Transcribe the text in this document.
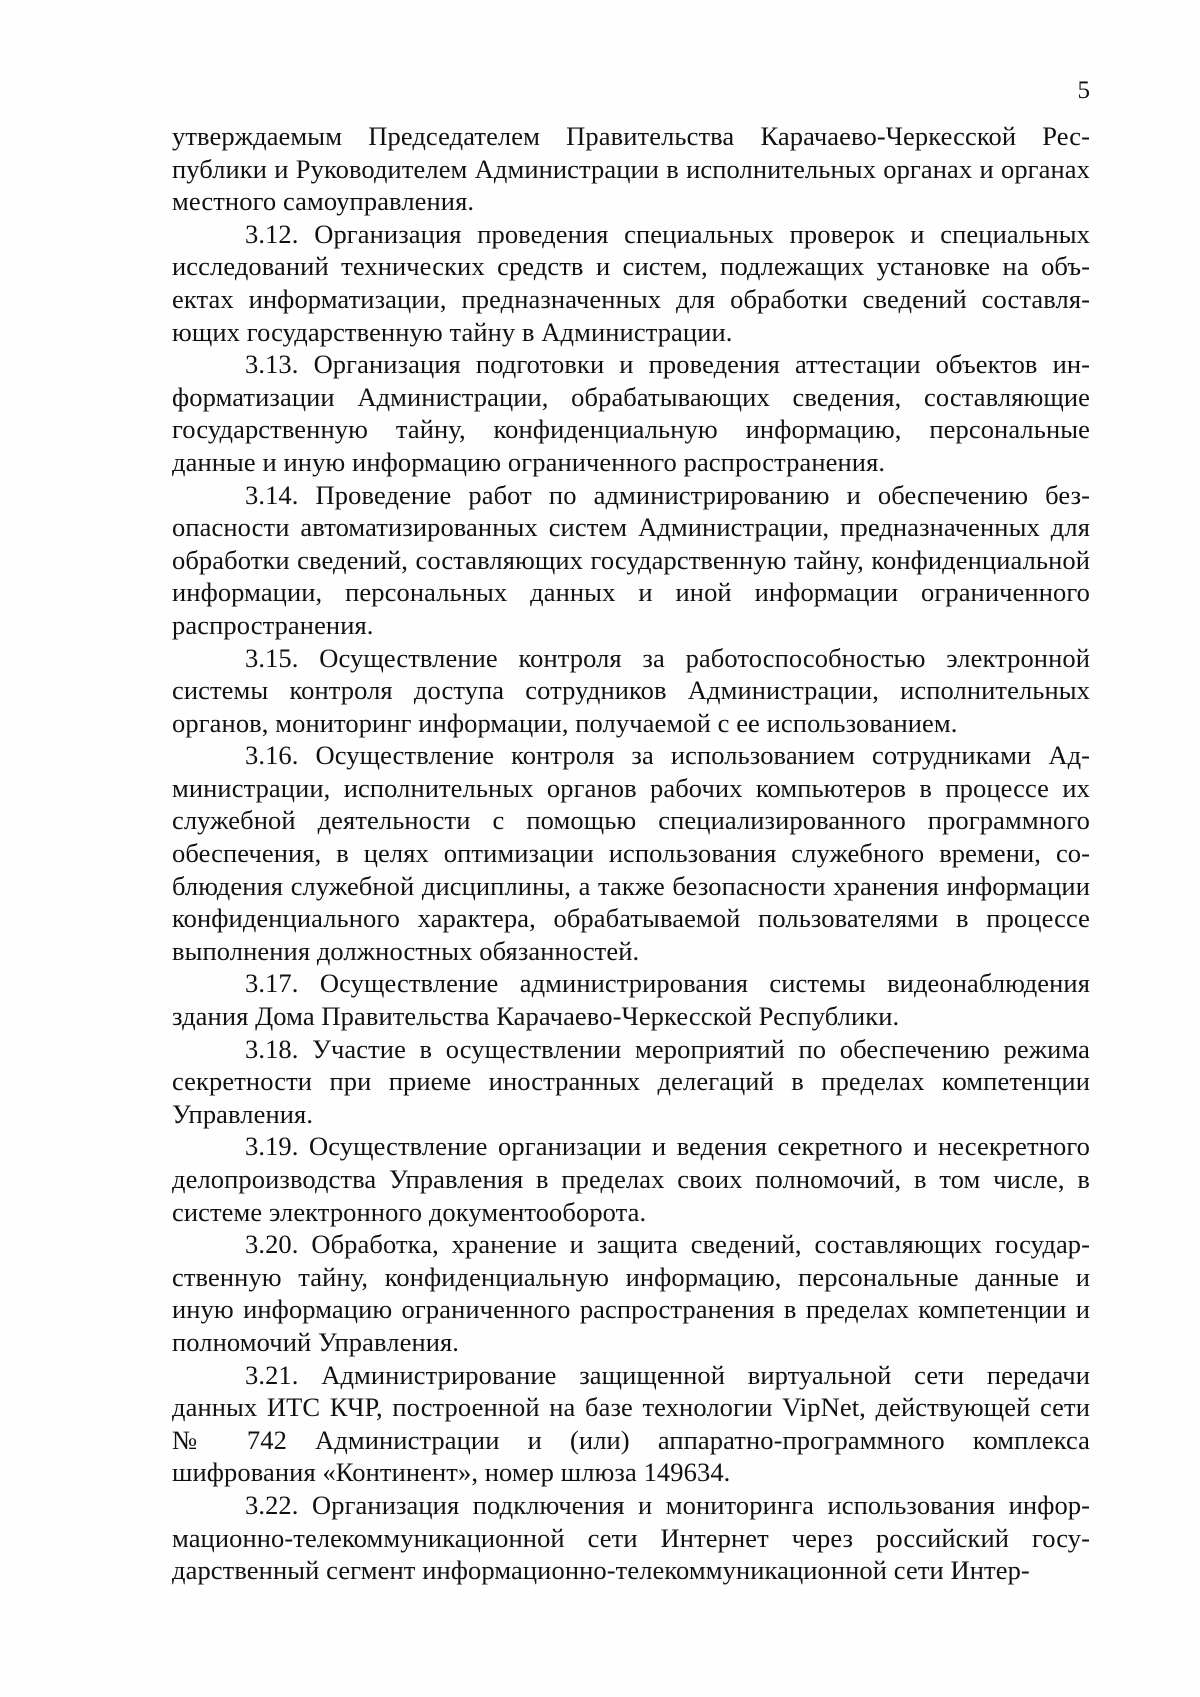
5

утверждаемым Председателем Правительства Карачаево-Черкесской Республики и Руководителем Администрации в исполнительных органах и органах местного самоуправления.

3.12. Организация проведения специальных проверок и специальных исследований технических средств и систем, подлежащих установке на объектах информатизации, предназначенных для обработки сведений составляющих государственную тайну в Администрации.

3.13. Организация подготовки и проведения аттестации объектов информатизации Администрации, обрабатывающих сведения, составляющие государственную тайну, конфиденциальную информацию, персональные данные и иную информацию ограниченного распространения.

3.14. Проведение работ по администрированию и обеспечению безопасности автоматизированных систем Администрации, предназначенных для обработки сведений, составляющих государственную тайну, конфиденциальной информации, персональных данных и иной информации ограниченного распространения.

3.15. Осуществление контроля за работоспособностью электронной системы контроля доступа сотрудников Администрации, исполнительных органов, мониторинг информации, получаемой с ее использованием.

3.16. Осуществление контроля за использованием сотрудниками Администрации, исполнительных органов рабочих компьютеров в процессе их служебной деятельности с помощью специализированного программного обеспечения, в целях оптимизации использования служебного времени, соблюдения служебной дисциплины, а также безопасности хранения информации конфиденциального характера, обрабатываемой пользователями в процессе выполнения должностных обязанностей.

3.17. Осуществление администрирования системы видеонаблюдения здания Дома Правительства Карачаево-Черкесской Республики.

3.18. Участие в осуществлении мероприятий по обеспечению режима секретности при приеме иностранных делегаций в пределах компетенции Управления.

3.19. Осуществление организации и ведения секретного и несекретного делопроизводства Управления в пределах своих полномочий, в том числе, в системе электронного документооборота.

3.20. Обработка, хранение и защита сведений, составляющих государственную тайну, конфиденциальную информацию, персональные данные и иную информацию ограниченного распространения в пределах компетенции и полномочий Управления.

3.21. Администрирование защищенной виртуальной сети передачи данных ИТС КЧР, построенной на базе технологии VipNet, действующей сети № 742 Администрации и (или) аппаратно-программного комплекса шифрования «Континент», номер шлюза 149634.

3.22. Организация подключения и мониторинга использования информационно-телекоммуникационной сети Интернет через российский государственный сегмент информационно-телекоммуникационной сети Интер-
